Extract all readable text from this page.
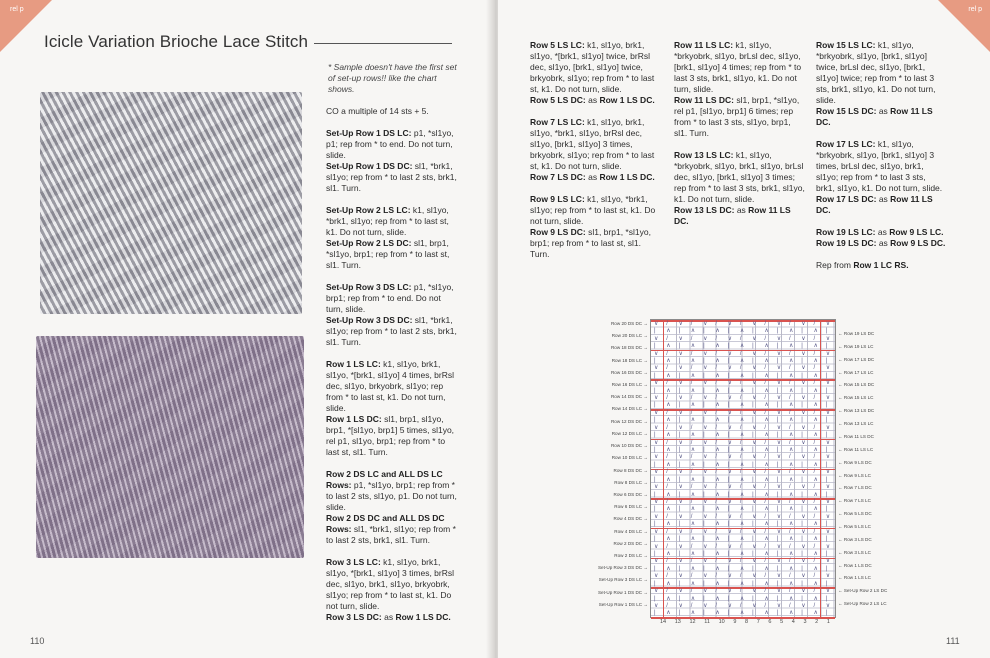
rel p
Icicle Variation Brioche Lace Stitch
* Sample doesn't have the first set of set-up rows!! like the chart shows.
CO a multiple of 14 sts + 5.
Set-Up Row 1 DS LC: p1, *sl1yo, p1; rep from * to end. Do not turn, slide.
Set-Up Row 1 DS DC: sl1, *brk1, sl1yo; rep from * to last 2 sts, brk1, sl1. Turn.
Set-Up Row 2 LS LC: k1, sl1yo, *brk1, sl1yo; rep from * to last st, k1. Do not turn, slide.
Set-Up Row 2 LS DC: sl1, brp1, *sl1yo, brp1; rep from * to last st, sl1. Turn.
Set-Up Row 3 DS LC: p1, *sl1yo, brp1; rep from * to end. Do not turn, slide.
Set-Up Row 3 DS DC: sl1, *brk1, sl1yo; rep from * to last 2 sts, brk1, sl1. Turn.
Row 1 LS LC: k1, sl1yo, brk1, sl1yo, *[brk1, sl1yo] 4 times, brRsl dec, sl1yo, brkyobrk, sl1yo; rep from * to last st, k1. Do not turn, slide.
Row 1 LS DC: sl1, brp1, sl1yo, brp1, *[sl1yo, brp1] 5 times, sl1yo, rel p1, sl1yo, brp1; rep from * to last st, sl1. Turn.
Row 2 DS LC and ALL DS LC Rows: p1, *sl1yo, brp1; rep from * to last 2 sts, sl1yo, p1. Do not turn, slide.
Row 2 DS DC and ALL DS DC Rows: sl1, *brk1, sl1yo; rep from * to last 2 sts, brk1, sl1. Turn.
Row 3 LS LC: k1, sl1yo, brk1, sl1yo, *[brk1, sl1yo] 3 times, brRsl dec, sl1yo, brk1, sl1yo, brkyobrk, sl1yo; rep from * to last st, k1. Do not turn, slide.
Row 3 LS DC: as Row 1 LS DC.
110
rel p
Row 5 LS LC: k1, sl1yo, brk1, sl1yo, *[brk1, sl1yo] twice, brRsl dec, sl1yo, [brk1, sl1yo] twice, brkyobrk, sl1yo; rep from * to last st, k1. Do not turn, slide.
Row 5 LS DC: as Row 1 LS DC.
Row 7 LS LC: k1, sl1yo, brk1, sl1yo, *brk1, sl1yo, brRsl dec, sl1yo, [brk1, sl1yo] 3 times, brkyobrk, sl1yo; rep from * to last st, k1. Do not turn, slide.
Row 7 LS DC: as Row 1 LS DC.
Row 9 LS LC: k1, sl1yo, *brk1, sl1yo; rep from * to last st, k1. Do not turn, slide.
Row 9 LS DC: sl1, brp1, *sl1yo, brp1; rep from * to last st, sl1. Turn.
Row 11 LS LC: k1, sl1yo, *brkyobrk, sl1yo, brLsl dec, sl1yo, [brk1, sl1yo] 4 times; rep from * to last 3 sts, brk1, sl1yo, k1. Do not turn, slide.
Row 11 LS DC: sl1, brp1, *sl1yo, rel p1, [sl1yo, brp1] 6 times; rep from * to last 3 sts, sl1yo, brp1, sl1. Turn.
Row 13 LS LC: k1, sl1yo, *brkyobrk, sl1yo, brk1, sl1yo, brLsl dec, sl1yo, [brk1, sl1yo] 3 times; rep from * to last 3 sts, brk1, sl1yo, k1. Do not turn, slide.
Row 13 LS DC: as Row 11 LS DC.
Row 15 LS LC: k1, sl1yo, *brkyobrk, sl1yo, [brk1, sl1yo] twice, brLsl dec, sl1yo, [brk1, sl1yo] twice; rep from * to last 3 sts, brk1, sl1yo, k1. Do not turn, slide.
Row 15 LS DC: as Row 11 LS DC.
Row 17 LS LC: k1, sl1yo, *brkyobrk, sl1yo, [brk1, sl1yo] 3 times, brLsl dec, sl1yo, brk1, sl1yo; rep from * to last 3 sts, brk1, sl1yo, k1. Do not turn, slide.
Row 17 LS DC: as Row 11 LS DC.
Row 19 LS LC: as Row 9 LS LC.
Row 19 LS DC: as Row 9 LS DC.
Rep from Row 1 LC RS.
∨ / ∨ / ∨ / ∨ / ∨ / ∨ / ∨ / ∨
| ∧ | ∧ | ∧ | ∧ | ∧ | ∧ | ∧ |
∨ / ∨ / ∨ / ∨ / ∨ / ∨ / ∨ / ∨
| ∧ | ∧ | ∧ | ∧ | ∧ | ∧ | ∧ |
∨ / ∨ / ∨ / ∨ / ∨ / ∨ / ∨ / ∨
| ∧ | ∧ | ∧ | ∧ | ∧ | ∧ | ∧ |
∨ / ∨ / ∨ / ∨ / ∨ / ∨ / ∨ / ∨
| ∧ | ∧ | ∧ | ∧ | ∧ | ∧ | ∧ |
∨ / ∨ / ∨ / ∨ / ∨ / ∨ / ∨ / ∨
| ∧ | ∧ | ∧ | ∧ | ∧ | ∧ | ∧ |
∨ / ∨ / ∨ / ∨ / ∨ / ∨ / ∨ / ∨
| ∧ | ∧ | ∧ | ∧ | ∧ | ∧ | ∧ |
∨ / ∨ / ∨ / ∨ / ∨ / ∨ / ∨ / ∨
| ∧ | ∧ | ∧ | ∧ | ∧ | ∧ | ∧ |
∨ / ∨ / ∨ / ∨ / ∨ / ∨ / ∨ / ∨
| ∧ | ∧ | ∧ | ∧ | ∧ | ∧ | ∧ |
∨ / ∨ / ∨ / ∨ / ∨ / ∨ / ∨ / ∨
| ∧ | ∧ | ∧ | ∧ | ∧ | ∧ | ∧ |
∨ / ∨ / ∨ / ∨ / ∨ / ∨ / ∨ / ∨
| ∧ | ∧ | ∧ | ∧ | ∧ | ∧ | ∧ |
∨ / ∨ / ∨ / ∨ / ∨ / ∨ / ∨ / ∨
| ∧ | ∧ | ∧ | ∧ | ∧ | ∧ | ∧ |
∨ / ∨ / ∨ / ∨ / ∨ / ∨ / ∨ / ∨
| ∧ | ∧ | ∧ | ∧ | ∧ | ∧ | ∧ |
∨ / ∨ / ∨ / ∨ / ∨ / ∨ / ∨ / ∨
| ∧ | ∧ | ∧ | ∧ | ∧ | ∧ | ∧ |
∨ / ∨ / ∨ / ∨ / ∨ / ∨ / ∨ / ∨
| ∧ | ∧ | ∧ | ∧ | ∧ | ∧ | ∧ |
∨ / ∨ / ∨ / ∨ / ∨ / ∨ / ∨ / ∨
| ∧ | ∧ | ∧ | ∧ | ∧ | ∧ | ∧ |
∨ / ∨ / ∨ / ∨ / ∨ / ∨ / ∨ / ∨
| ∧ | ∧ | ∧ | ∧ | ∧ | ∧ | ∧ |
∨ / ∨ / ∨ / ∨ / ∨ / ∨ / ∨ / ∨
| ∧ | ∧ | ∧ | ∧ | ∧ | ∧ | ∧ |
∨ / ∨ / ∨ / ∨ / ∨ / ∨ / ∨ / ∨
| ∧ | ∧ | ∧ | ∧ | ∧ | ∧ | ∧ |
∨ / ∨ / ∨ / ∨ / ∨ / ∨ / ∨ / ∨
| ∧ | ∧ | ∧ | ∧ | ∧ | ∧ | ∧ |
∨ / ∨ / ∨ / ∨ / ∨ / ∨ / ∨ / ∨
| ∧ | ∧ | ∧ | ∧ | ∧ | ∧ | ∧ |
14 13 12 11 10 9 8 7 6 5 4 3 2 1
111
Row 20 DS DC →
Row 20 DS LC →
Row 18 DS DC →
Row 18 DS LC →
Row 16 DS DC →
Row 16 DS LC →
Row 14 DS DC →
Row 14 DS LC →
Row 12 DS DC →
Row 12 DS LC →
Row 10 DS DC →
Row 10 DS LC →
Row 8 DS DC →
Row 8 DS LC →
Row 6 DS DC →
Row 6 DS LC →
Row 4 DS DC →
Row 4 DS LC →
Row 2 DS DC →
Row 2 DS LC →
Set-Up Row 3 DS DC →
Set-Up Row 3 DS LC →
Set-Up Row 1 DS DC →
Set-Up Row 1 DS LC →
← Row 19 LS DC
← Row 19 LS LC
← Row 17 LS DC
← Row 17 LS LC
← Row 15 LS DC
← Row 15 LS LC
← Row 13 LS DC
← Row 13 LS LC
← Row 11 LS DC
← Row 11 LS LC
← Row 9 LS DC
← Row 9 LS LC
← Row 7 LS DC
← Row 7 LS LC
← Row 5 LS DC
← Row 5 LS LC
← Row 3 LS DC
← Row 3 LS LC
← Row 1 LS DC
← Row 1 LS LC
← Set-Up Row 2 LS DC
← Set-Up Row 2 LS LC
